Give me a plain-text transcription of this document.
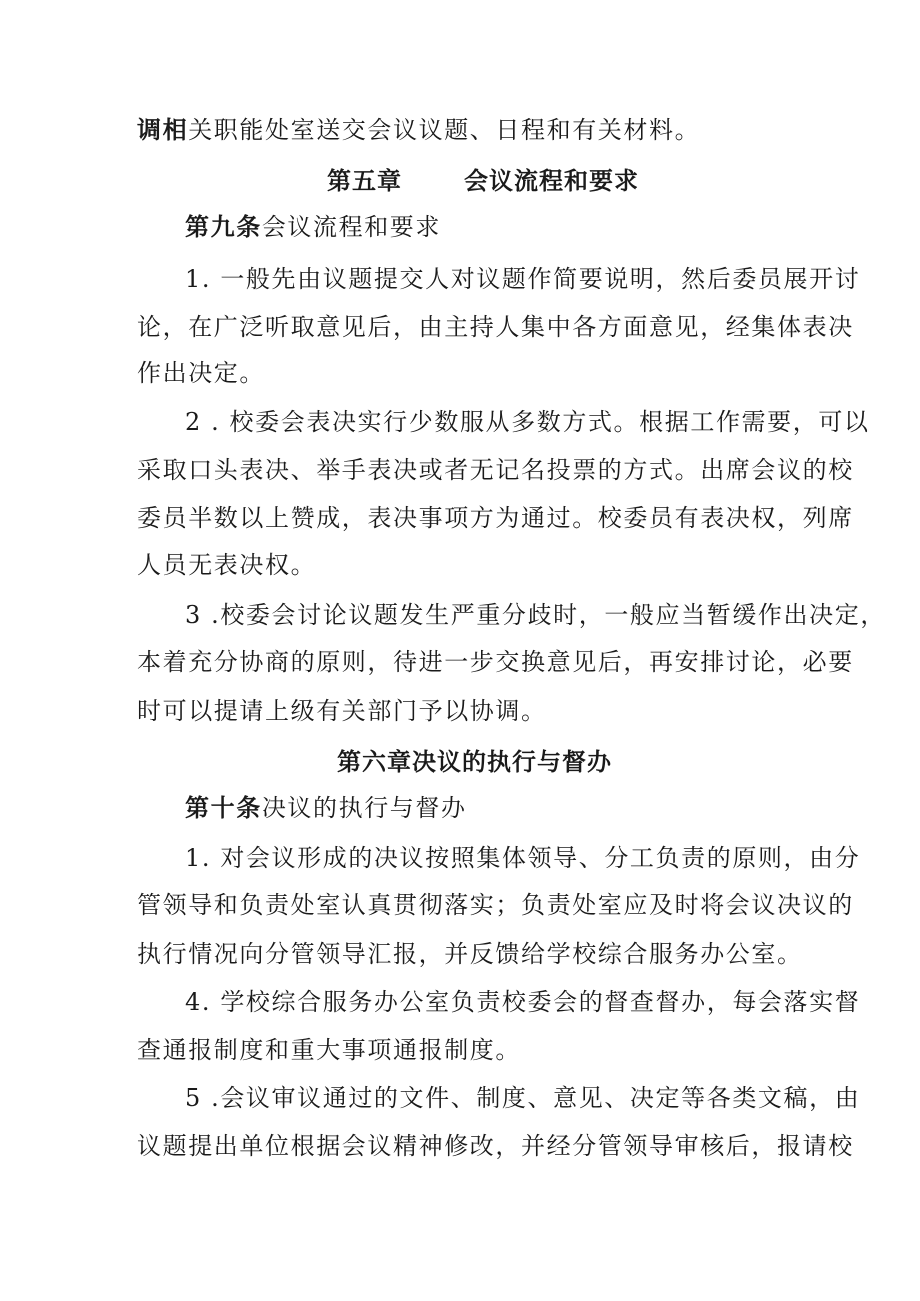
调相关职能处室送交会议议题、日程和有关材料。
第五章	会议流程和要求
第九条会议流程和要求
1. 一般先由议题提交人对议题作简要说明，然后委员展开讨
论，在广泛听取意见后，由主持人集中各方面意见，经集体表决
作出决定。
2 . 校委会表决实行少数服从多数方式。根据工作需要，可以
采取口头表决、举手表决或者无记名投票的方式。出席会议的校
委员半数以上赞成，表决事项方为通过。校委员有表决权，列席
人员无表决权。
3 .校委会讨论议题发生严重分歧时，一般应当暂缓作出决定，
本着充分协商的原则，待进一步交换意见后，再安排讨论，必要
时可以提请上级有关部门予以协调。
第六章决议的执行与督办
第十条决议的执行与督办
1. 对会议形成的决议按照集体领导、分工负责的原则，由分
管领导和负责处室认真贯彻落实；负责处室应及时将会议决议的
执行情况向分管领导汇报，并反馈给学校综合服务办公室。
4. 学校综合服务办公室负责校委会的督查督办，每会落实督
查通报制度和重大事项通报制度。
5 .会议审议通过的文件、制度、意见、决定等各类文稿，由
议题提出单位根据会议精神修改，并经分管领导审核后，报请校
